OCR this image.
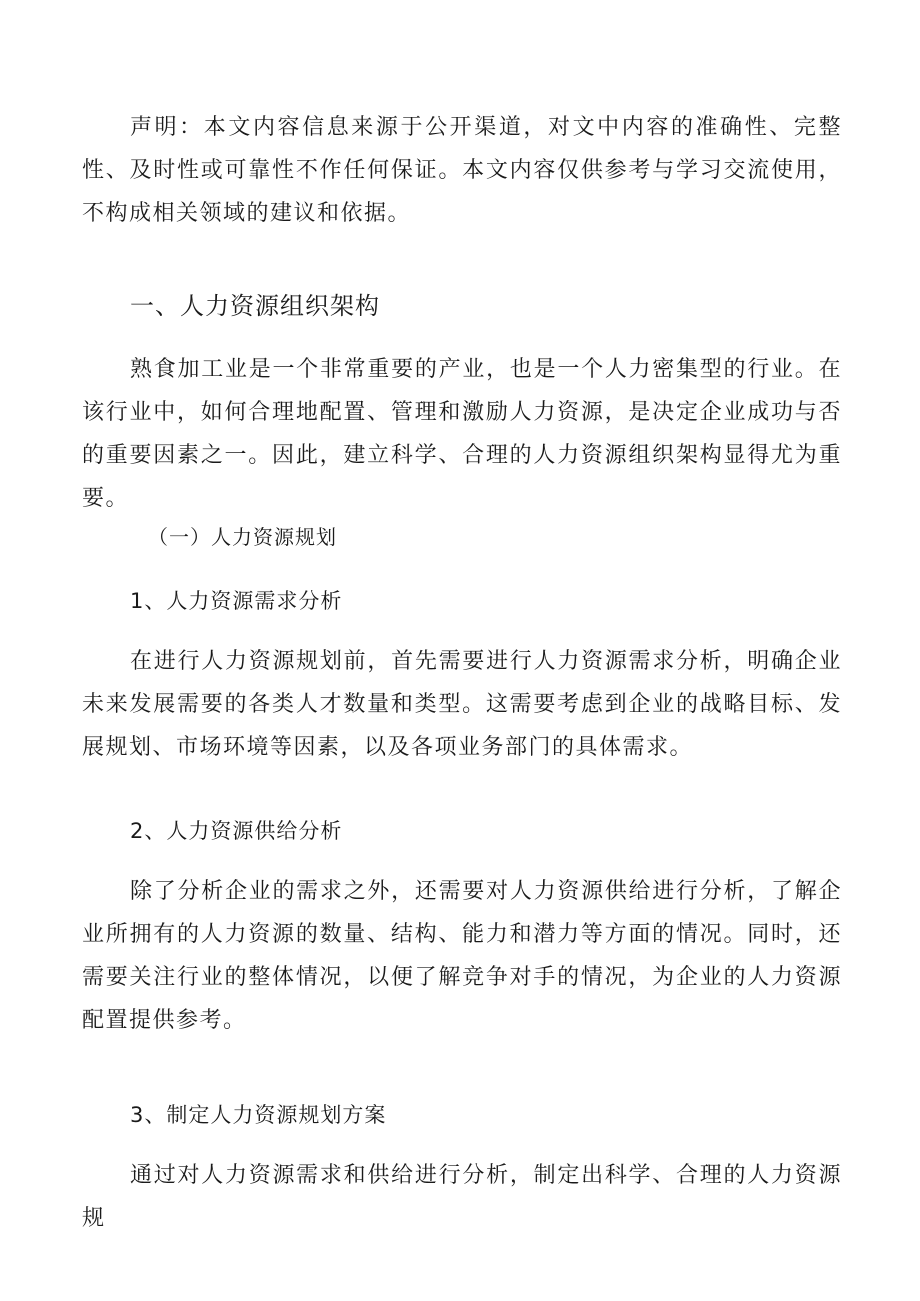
声明：本文内容信息来源于公开渠道，对文中内容的准确性、完整性、及时性或可靠性不作任何保证。本文内容仅供参考与学习交流使用，不构成相关领域的建议和依据。

一、人力资源组织架构

熟食加工业是一个非常重要的产业，也是一个人力密集型的行业。在该行业中，如何合理地配置、管理和激励人力资源，是决定企业成功与否的重要因素之一。因此，建立科学、合理的人力资源组织架构显得尤为重要。

（一）人力资源规划
1、人力资源需求分析

在进行人力资源规划前，首先需要进行人力资源需求分析，明确企业未来发展需要的各类人才数量和类型。这需要考虑到企业的战略目标、发展规划、市场环境等因素，以及各项业务部门的具体需求。

2、人力资源供给分析

除了分析企业的需求之外，还需要对人力资源供给进行分析，了解企业所拥有的人力资源的数量、结构、能力和潜力等方面的情况。同时，还需要关注行业的整体情况，以便了解竞争对手的情况，为企业的人力资源配置提供参考。

3、制定人力资源规划方案

通过对人力资源需求和供给进行分析，制定出科学、合理的人力资源规
